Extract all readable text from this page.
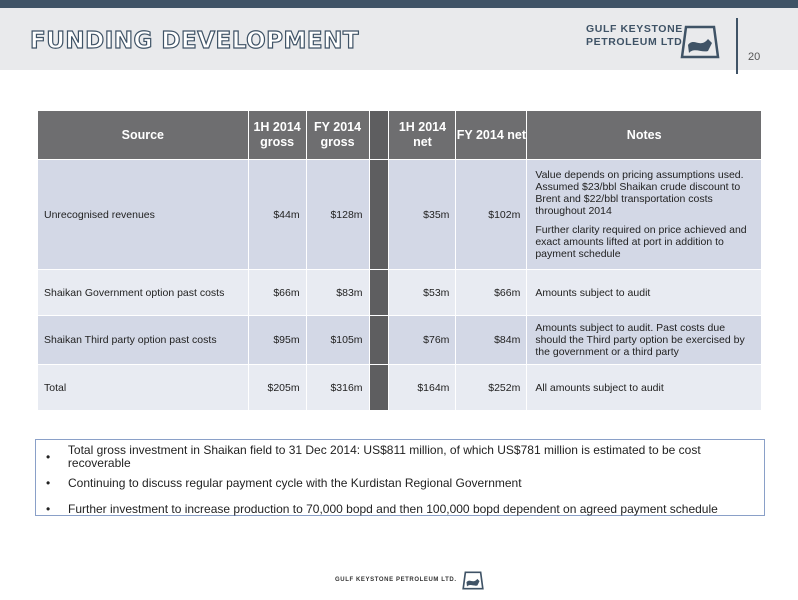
FUNDING DEVELOPMENT	GULF KEYSTONE
PETROLEUM LTD.
20
Source	1H 2014 gross	FY 2014 gross		1H 2014 net	FY 2014 net	Notes
Unrecognised revenues	$44m	$128m		$35m	$102m	Value depends on pricing assumptions used. Assumed $23/bbl Shaikan crude discount to Brent and $22/bbl transportation costs throughout 2014
Further clarity required on price achieved and exact amounts lifted at port in addition to payment schedule

Shaikan Government option past costs	$66m	$83m		$53m	$66m	Amounts subject to audit

Shaikan Third party option past costs	$95m	$105m		$76m	$84m	Amounts subject to audit. Past costs due should the Third party option be exercised by the government or a third party

Total	$205m	$316m		$164m	$252m	All amounts subject to audit
•	Total gross investment in Shaikan field to 31 Dec 2014: US$811 million, of which US$781 million is estimated to be cost recoverable
•	Continuing to discuss regular payment cycle with the Kurdistan Regional Government
•	Further investment to increase production to 70,000 bopd and then 100,000 bopd dependent on agreed payment schedule
GULF KEYSTONE PETROLEUM LTD.
